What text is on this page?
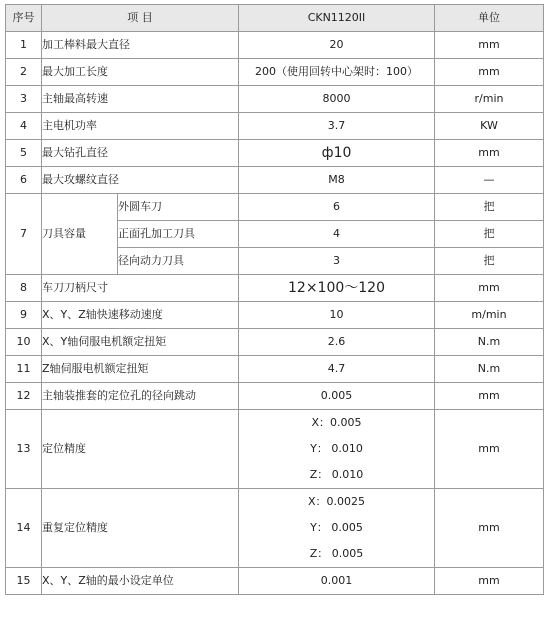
序号	项 目		CKN1120II	单位
1	加工棒料最大直径		20	mm
2	最大加工长度		200（使用回转中心架时：100）	mm
3	主轴最高转速		8000	r/min
4	主电机功率		3.7	KW
5	最大钻孔直径		ф10	mm
6	最大攻螺纹直径		M8	—
7	刀具容量	外圆车刀	6	把
		正面孔加工刀具	4	把
		径向动力刀具	3	把
8	车刀刀柄尺寸		12×100～120	mm
9	X、Y、Z轴快速移动速度		10	m/min
10	X、Y轴伺服电机额定扭矩		2.6	N.m
11	Z轴伺服电机额定扭矩		4.7	N.m
12	主轴装推套的定位孔的径向跳动		0.005	mm
13	定位精度		X：0.005
Y： 0.010
Z： 0.010	mm
14	重复定位精度		X：0.0025
Y： 0.005
Z： 0.005	mm
15	X、Y、Z轴的最小设定单位		0.001	mm
